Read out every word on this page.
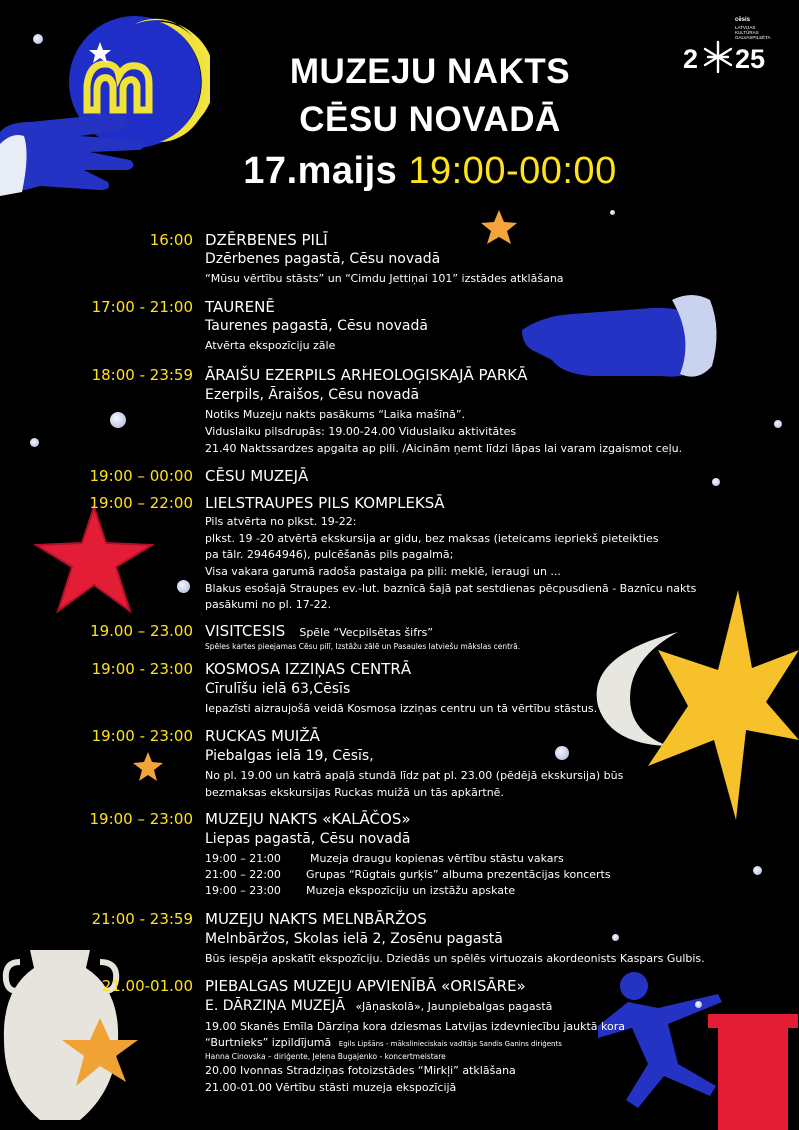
2 25
cēsis
LATVIJAS
KULTŪRAS
GALVASPILSĒTA
MUZEJU NAKTS
CĒSU NOVADĀ
17.maijs 19:00-00:00
16:00 DZĒRBENES PILĪ
Dzērbenes pagastā, Cēsu novadā
“Mūsu vērtību stāsts” un “Cimdu Jettiņai 101” izstādes atklāšana
17:00 - 21:00 TAURENĒ
Taurenes pagastā, Cēsu novadā
Atvērta ekspozīciju zāle
18:00 - 23:59 ĀRAIŠU EZERPILS ARHEOLOĢISKAJĀ PARKĀ
Ezerpils, Āraišos, Cēsu novadā
Notiks Muzeju nakts pasākums “Laika mašīnā”.
Viduslaiku pilsdrupās: 19.00-24.00 Viduslaiku aktivitātes
21.40 Naktssardzes apgaita ap pili. /Aicinām ņemt līdzi lāpas lai varam izgaismot ceļu.
19:00 – 00:00 CĒSU MUZEJĀ
19:00 – 22:00 LIELSTRAUPES PILS KOMPLEKSĀ
Pils atvērta no plkst. 19-22:
plkst. 19 -20 atvērtā ekskursija ar gidu, bez maksas (ieteicams iepriekš pieteikties
pa tālr. 29464946), pulcēšanās pils pagalmā;
Visa vakara garumā radoša pastaiga pa pili: meklē, ieraugi un ...
Blakus esošajā Straupes ev.-lut. baznīcā šajā pat sestdienas pēcpusdienā - Baznīcu nakts
pasākumi no pl. 17-22.
19.00 – 23.00 VISITCESIS Spēle “Vecpilsētas šifrs”
Spēles kartes pieejamas Cēsu pilī, Izstāžu zālē un Pasaules latviešu mākslas centrā.
19:00 - 23:00 KOSMOSA IZZIŅAS CENTRĀ
Cīrulīšu ielā 63,Cēsīs
Iepazīsti aizraujošā veidā Kosmosa izziņas centru un tā vērtību stāstus.
19:00 - 23:00 RUCKAS MUIŽĀ
Piebalgas ielā 19, Cēsīs,
No pl. 19.00 un katrā apaļā stundā līdz pat pl. 23.00 (pēdējā ekskursija) būs
bezmaksas ekskursijas Ruckas muižā un tās apkārtnē.
19:00 – 23:00 MUZEJU NAKTS «KALĀČOS»
Liepas pagastā, Cēsu novadā
19:00 – 21:00	Muzeja draugu kopienas vērtību stāstu vakars
21:00 – 22:00 Grupas “Rūgtais gurķis” albuma prezentācijas koncerts
19:00 – 23:00 Muzeja ekspozīciju un izstāžu apskate
21:00 - 23:59 MUZEJU NAKTS MELNBĀRŽOS
Melnbāržos, Skolas ielā 2, Zosēnu pagastā
Būs iespēja apskatīt ekspozīciju. Dziedās un spēlēs virtuozais akordeonists Kaspars Gulbis.
21.00-01.00 PIEBALGAS MUZEJU APVIENĪBĀ «ORISĀRE»
E. DĀRZIŅA MUZEJĀ «Jāņaskolā», Jaunpiebalgas pagastā
19.00 Skanēs Emīla Dārziņa kora dziesmas Latvijas izdevniecību jauktā kora
“Burtnieks” izpildījumā Egils Lipšāns - mākslinieciskais vadītājs Sandis Ganins diriģents
Hanna Cinovska – diriģente, Jeļena Bugajenko - koncertmeistare
20.00 Ivonnas Stradziņas fotoizstādes “Mirkļi” atklāšana
21.00-01.00 Vērtību stāsti muzeja ekspozīcijā
